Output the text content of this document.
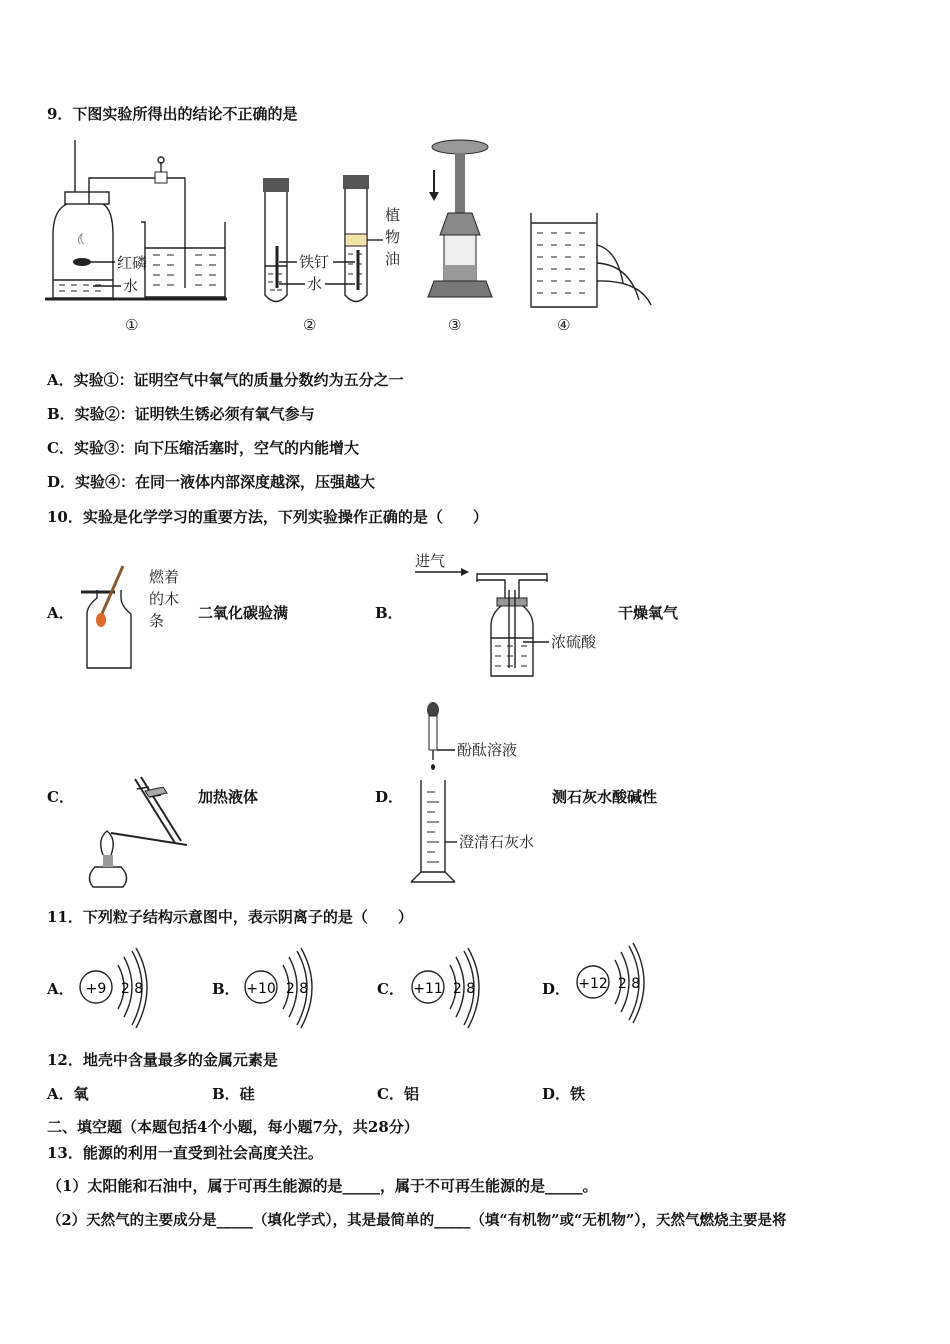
9．下图实验所得出的结论不正确的是
红磷
水
①
铁钉
水
植
物
油
②	③	④
A．实验①：证明空气中氧气的质量分数约为五分之一
B．实验②：证明铁生锈必须有氧气参与
C．实验③：向下压缩活塞时，空气的内能增大
D．实验④：在同一液体内部深度越深，压强越大
10．实验是化学学习的重要方法，下列实验操作正确的是（　　）
A．
燃着
的木
条 二氧化碳验满	B．
进气
浓硫酸
干燥氧气
C．	加热液体	D．
酚酞溶液
澄清石灰水
测石灰水酸碱性
11．下列粒子结构示意图中，表示阴离子的是（　　）
A． +9 2 8	B． +10 2 8	C． +11 2 8	D． +12 2 8
12．地壳中含量最多的金属元素是
A．氧	B．硅	C．铝	D．铁
二、填空题（本题包括4个小题，每小题7分，共28分）
13．能源的利用一直受到社会高度关注。
（1）太阳能和石油中，属于可再生能源的是_____，属于不可再生能源的是_____。
（2）天然气的主要成分是_____（填化学式），其是最简单的_____（填“有机物”或“无机物”），天然气燃烧主要是将
